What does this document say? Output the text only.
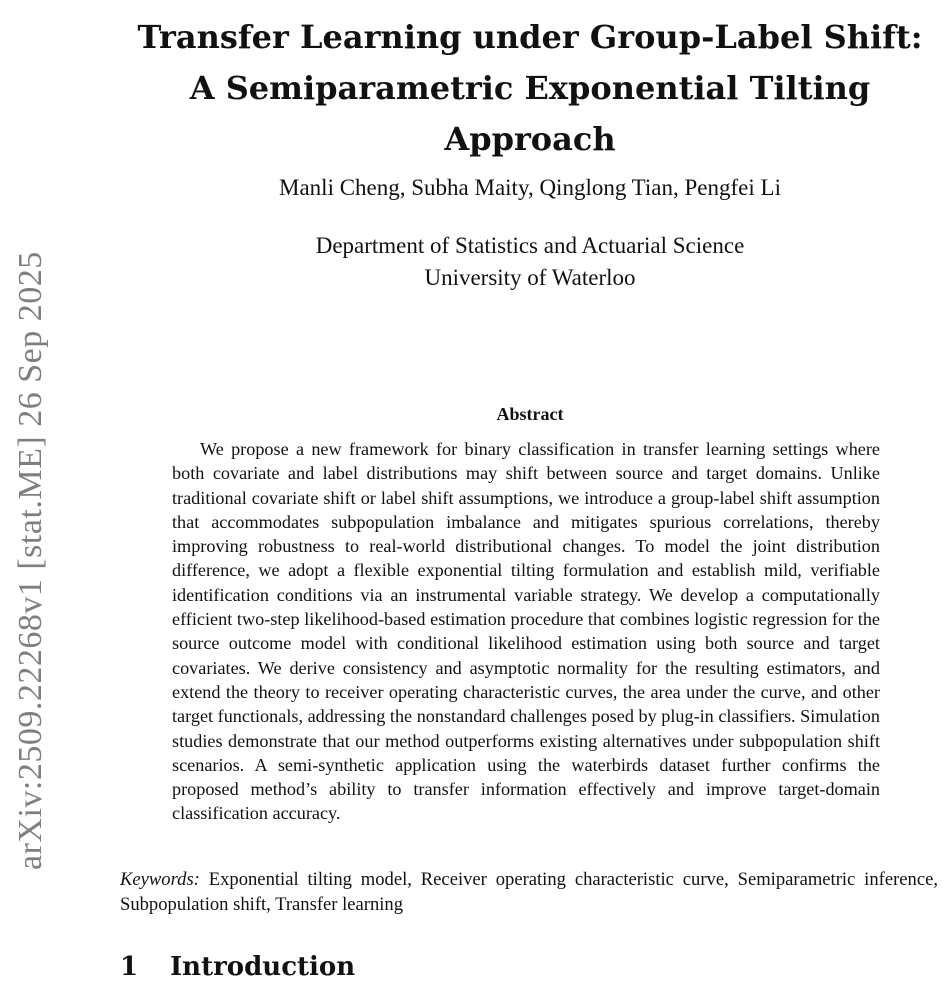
arXiv:2509.22268v1 [stat.ME] 26 Sep 2025
Transfer Learning under Group-Label Shift:
A Semiparametric Exponential Tilting
Approach
Manli Cheng, Subha Maity, Qinglong Tian, Pengfei Li
Department of Statistics and Actuarial Science
University of Waterloo
Abstract

We propose a new framework for binary classification in transfer learning settings where both covariate and label distributions may shift between source and target domains. Unlike traditional covariate shift or label shift assumptions, we introduce a group-label shift assumption that accommodates subpopulation imbalance and mitigates spurious correlations, thereby improving robustness to real-world distributional changes. To model the joint distribution difference, we adopt a flexible exponential tilting formulation and establish mild, verifiable identification conditions via an instrumental variable strategy. We develop a computationally efficient two-step likelihood-based estimation procedure that combines logistic regression for the source outcome model with conditional likelihood estimation using both source and target covariates. We derive consistency and asymptotic normality for the resulting estimators, and extend the theory to receiver operating characteristic curves, the area under the curve, and other target functionals, addressing the nonstandard challenges posed by plug-in classifiers. Simulation studies demonstrate that our method outperforms existing alternatives under subpopulation shift scenarios. A semi-synthetic application using the waterbirds dataset further confirms the proposed method’s ability to transfer information effectively and improve target-domain classification accuracy.

Keywords: Exponential tilting model, Receiver operating characteristic curve, Semiparametric inference, Subpopulation shift, Transfer learning

1 Introduction
